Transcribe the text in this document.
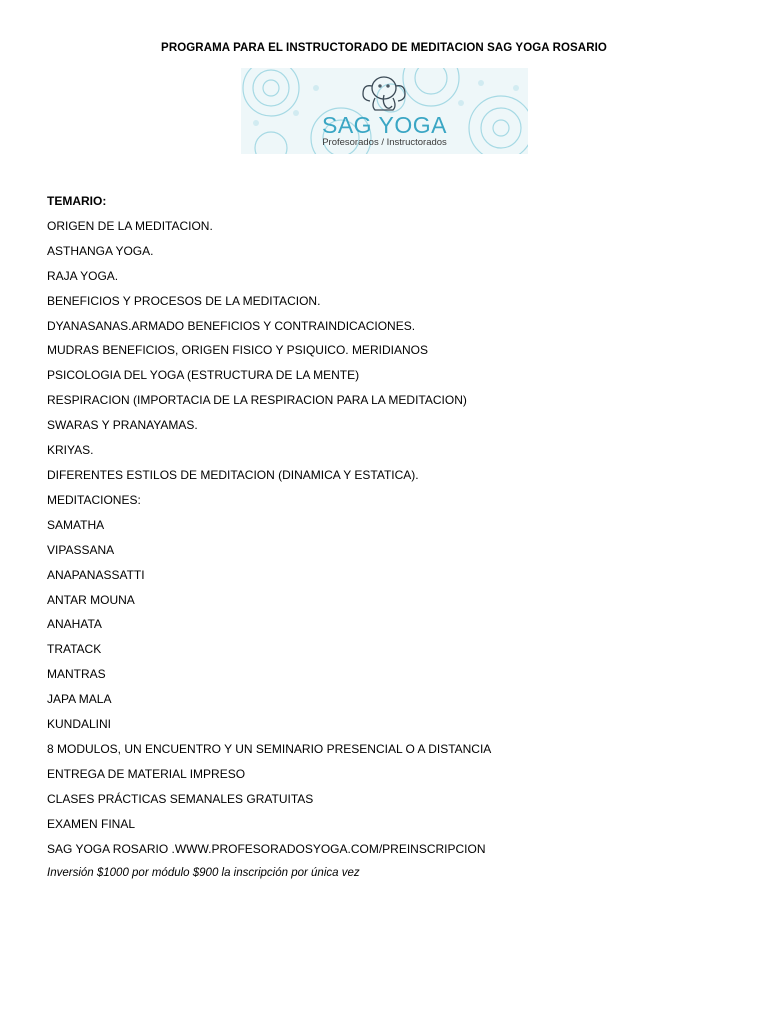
PROGRAMA PARA EL INSTRUCTORADO DE MEDITACION SAG YOGA ROSARIO
SAG YOGA
Profesorados / Instructorados
TEMARIO:
ORIGEN DE LA MEDITACION.
ASTHANGA YOGA.
RAJA YOGA.
BENEFICIOS Y PROCESOS DE LA MEDITACION.
DYANASANAS.ARMADO BENEFICIOS Y CONTRAINDICACIONES.
MUDRAS BENEFICIOS, ORIGEN FISICO Y PSIQUICO. MERIDIANOS
PSICOLOGIA DEL YOGA (ESTRUCTURA DE LA MENTE)
RESPIRACION (IMPORTACIA DE LA RESPIRACION PARA LA MEDITACION)
SWARAS Y PRANAYAMAS.
KRIYAS.
DIFERENTES ESTILOS DE MEDITACION (DINAMICA Y ESTATICA).
MEDITACIONES:
SAMATHA
VIPASSANA
ANAPANASSATTI
ANTAR MOUNA
ANAHATA
TRATACK
MANTRAS
JAPA MALA
KUNDALINI
8 MODULOS, UN ENCUENTRO Y UN SEMINARIO PRESENCIAL O A DISTANCIA
ENTREGA DE MATERIAL IMPRESO
CLASES PRÁCTICAS SEMANALES GRATUITAS
EXAMEN FINAL
SAG YOGA ROSARIO .WWW.PROFESORADOSYOGA.COM/PREINSCRIPCION
Inversión $1000 por módulo $900 la inscripción por única vez
